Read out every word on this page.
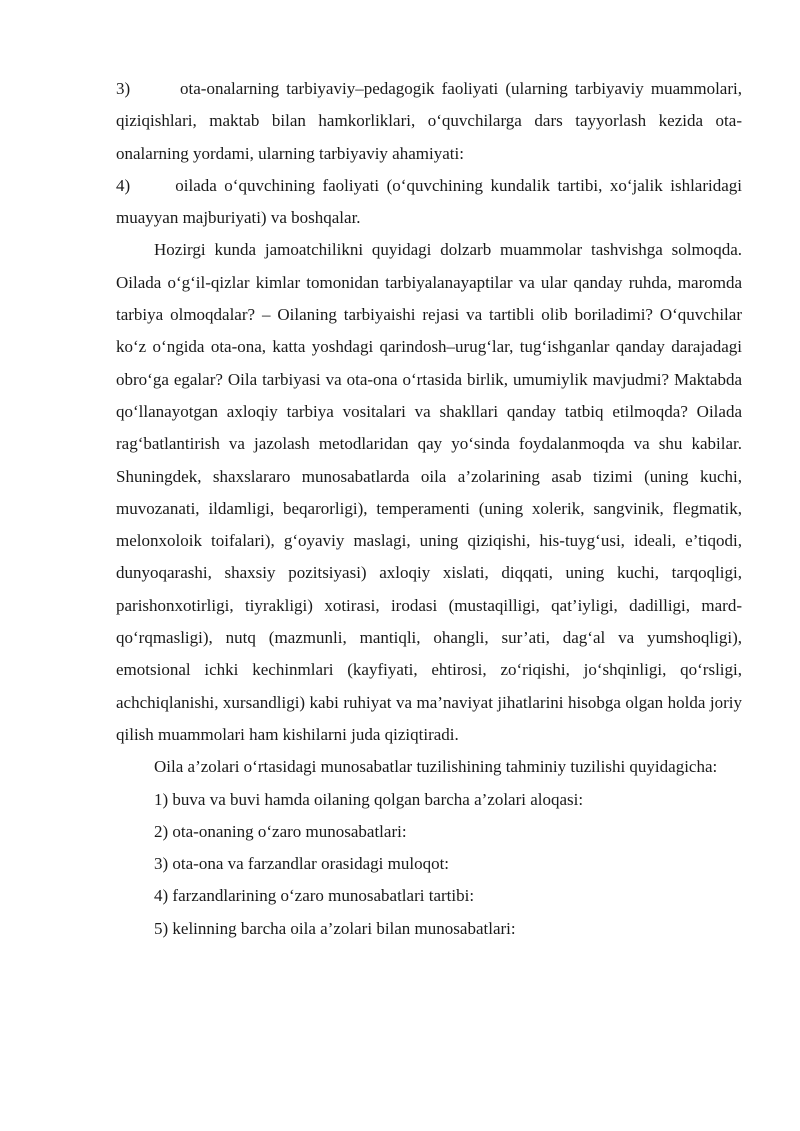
3)       ota-onalarning tarbiyaviy–pedagogik faoliyati (ularning tarbiyaviy muammolari, qiziqishlari, maktab bilan hamkorliklari, o‘quvchilarga dars tayyorlash kezida ota-onalarning yordami, ularning tarbiyaviy ahamiyati:

4)      oilada o‘quvchining faoliyati (o‘quvchining kundalik tartibi, xo‘jalik ishlaridagi muayyan majburiyati) va boshqalar.

Hozirgi kunda jamoatchilikni quyidagi dolzarb muammolar tashvishga solmoqda. Oilada o‘g‘il-qizlar kimlar tomonidan tarbiyalanayaptilar va ular qanday ruhda, maromda tarbiya olmoqdalar? – Oilaning tarbiyaishi rejasi va tartibli olib boriladimi? O‘quvchilar ko‘z o‘ngida ota-ona, katta yoshdagi qarindosh–urug‘lar, tug‘ishganlar qanday darajadagi obro‘ga egalar? Oila tarbiyasi va ota-ona o‘rtasida birlik, umumiylik mavjudmi? Maktabda qo‘llanayotgan axloqiy tarbiya vositalari va shakllari qanday tatbiq etilmoqda? Oilada rag‘batlantirish va jazolash metodlaridan qay yo‘sinda foydalanmoqda va shu kabilar. Shuningdek, shaxslararo munosabatlarda oila a’zolarining asab tizimi (uning kuchi, muvozanati, ildamligi, beqarorligi), temperamenti (uning xolerik, sangvinik, flegmatik, melonxoloik toifalari), g‘oyaviy maslagi, uning qiziqishi, his-tuyg‘usi, ideali, e’tiqodi, dunyoqarashi, shaxsiy pozitsiyasi) axloqiy xislati, diqqati, uning kuchi, tarqoqligi, parishonxotirligi, tiyrakligi) xotirasi, irodasi (mustaqilligi, qat’iyligi, dadilligi, mard-qo‘rqmasligi), nutq (mazmunli, mantiqli, ohangli, sur’ati, dag‘al va yumshoqligi), emotsional ichki kechinmlari (kayfiyati, ehtirosi, zo‘riqishi, jo‘shqinligi, qo‘rsligi, achchiqlanishi, xursandligi) kabi ruhiyat va ma’naviyat jihatlarini hisobga olgan holda joriy qilish muammolari ham kishilarni juda qiziqtiradi.

Oila a’zolari o‘rtasidagi munosabatlar tuzilishining tahminiy tuzilishi quyidagicha:

1) buva va buvi hamda oilaning qolgan barcha a’zolari aloqasi:

2) ota-onaning o‘zaro munosabatlari:

3) ota-ona va farzandlar orasidagi muloqot:

4) farzandlarining o‘zaro munosabatlari tartibi:

5) kelinning barcha oila a’zolari bilan munosabatlari:
